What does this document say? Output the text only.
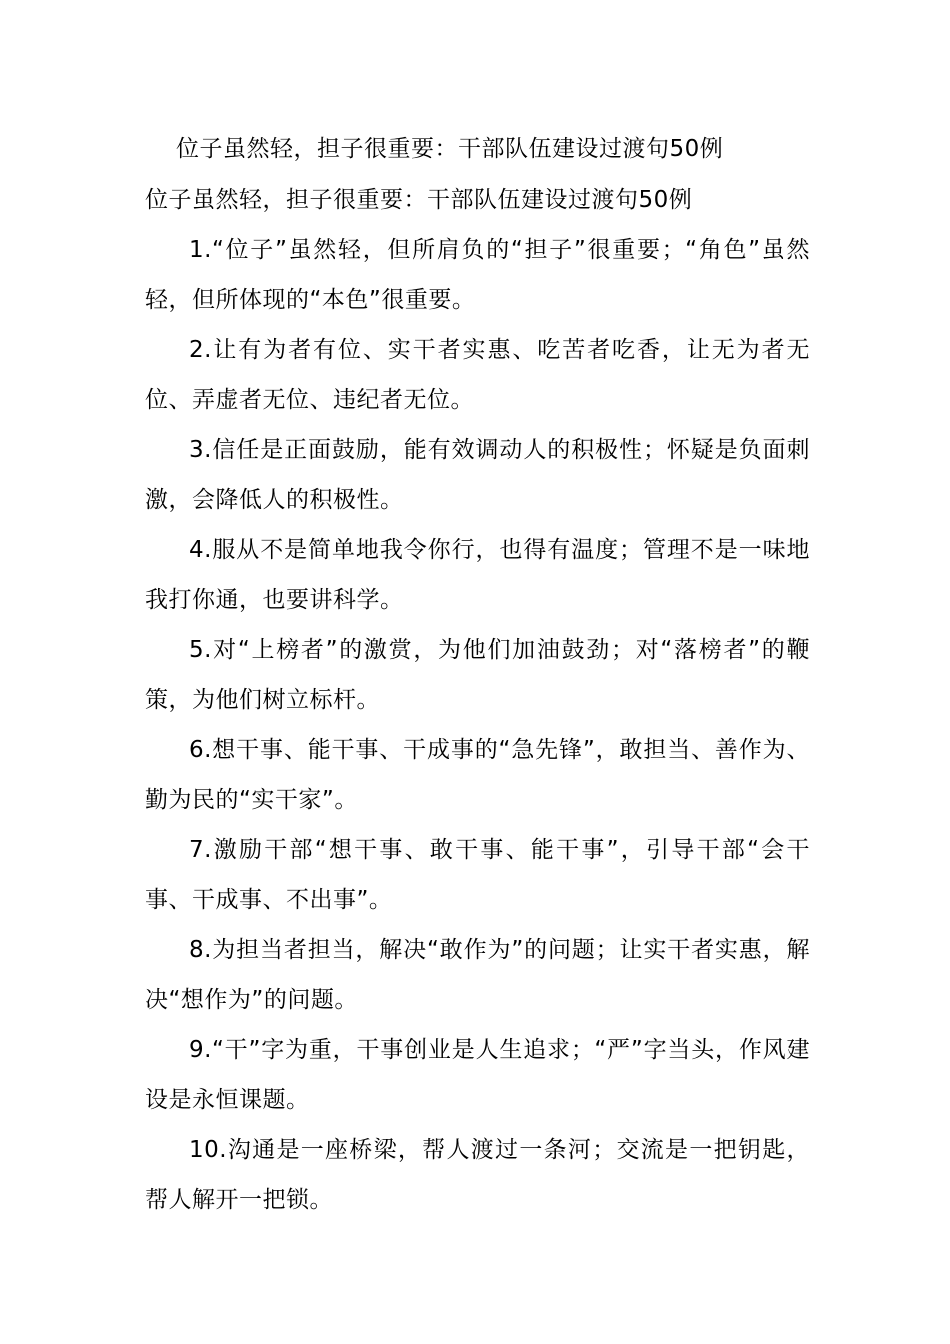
位子虽然轻，担子很重要：干部队伍建设过渡句50例
位子虽然轻，担子很重要：干部队伍建设过渡句50例
1.“位子”虽然轻，但所肩负的“担子”很重要；“角色”虽然轻，但所体现的“本色”很重要。
2.让有为者有位、实干者实惠、吃苦者吃香，让无为者无位、弄虚者无位、违纪者无位。
3.信任是正面鼓励，能有效调动人的积极性；怀疑是负面刺激，会降低人的积极性。
4.服从不是简单地我令你行，也得有温度；管理不是一味地我打你通，也要讲科学。
5.对“上榜者”的激赏，为他们加油鼓劲；对“落榜者”的鞭策，为他们树立标杆。
6.想干事、能干事、干成事的“急先锋”，敢担当、善作为、勤为民的“实干家”。
7.激励干部“想干事、敢干事、能干事”，引导干部“会干事、干成事、不出事”。
8.为担当者担当，解决“敢作为”的问题；让实干者实惠，解决“想作为”的问题。
9.“干”字为重，干事创业是人生追求；“严”字当头，作风建设是永恒课题。
10.沟通是一座桥梁，帮人渡过一条河；交流是一把钥匙，帮人解开一把锁。
